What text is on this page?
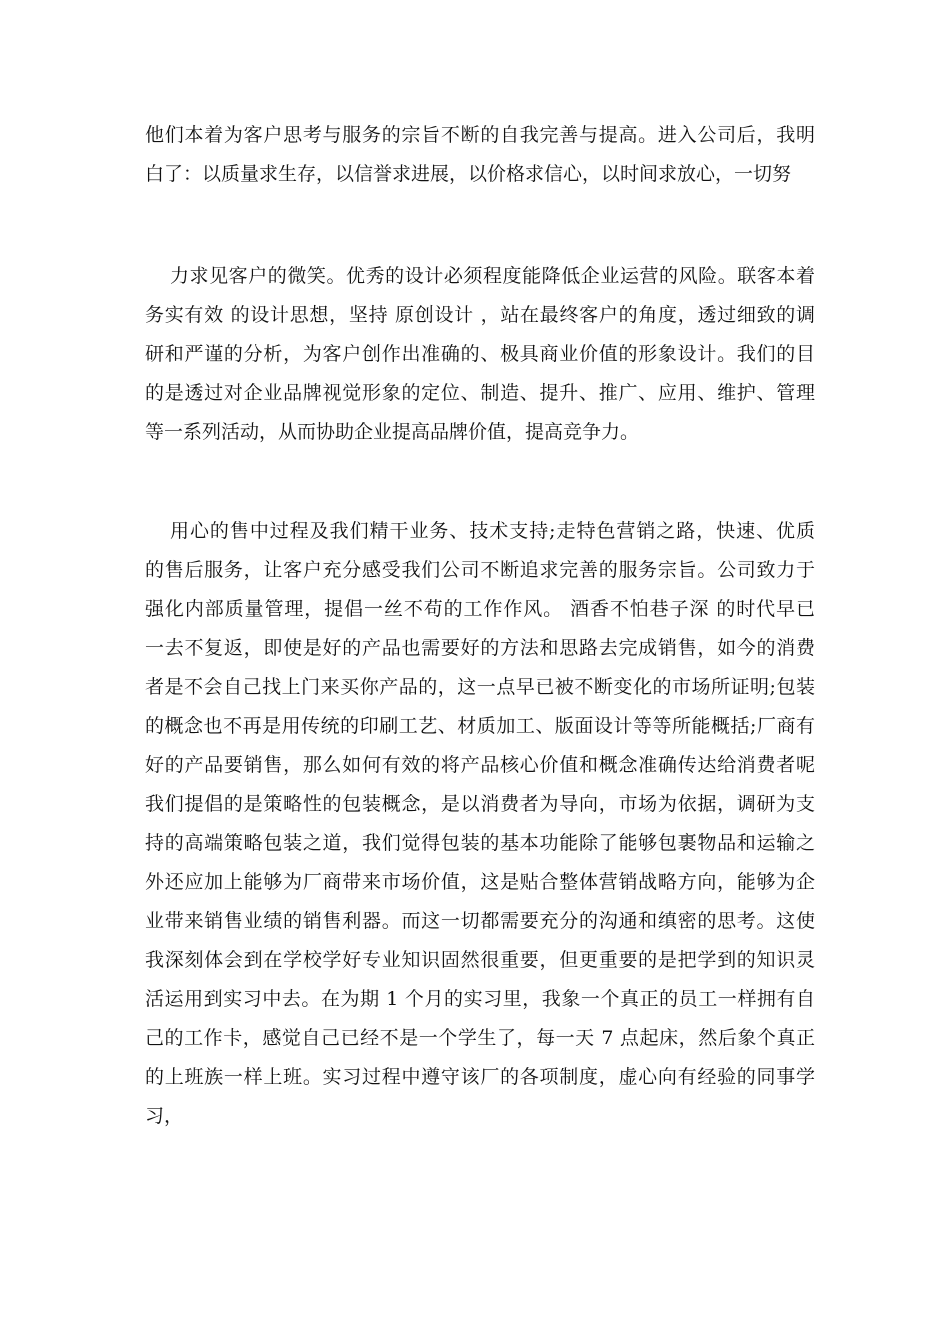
他们本着为客户思考与服务的宗旨不断的自我完善与提高。进入公司后，我明

白了：以质量求生存，以信誉求进展，以价格求信心，以时间求放心，一切努

力求见客户的微笑。优秀的设计必须程度能降低企业运营的风险。联客本着

务实有效 的设计思想，坚持 原创设计 ，站在最终客户的角度，透过细致的调

研和严谨的分析，为客户创作出准确的、极具商业价值的形象设计。我们的目

的是透过对企业品牌视觉形象的定位、制造、提升、推广、应用、维护、管理

等一系列活动，从而协助企业提高品牌价值，提高竞争力。

用心的售中过程及我们精干业务、技术支持;走特色营销之路，快速、优质

的售后服务，让客户充分感受我们公司不断追求完善的服务宗旨。公司致力于

强化内部质量管理，提倡一丝不苟的工作作风。 酒香不怕巷子深 的时代早已

一去不复返，即使是好的产品也需要好的方法和思路去完成销售，如今的消费

者是不会自己找上门来买你产品的，这一点早已被不断变化的市场所证明;包装

的概念也不再是用传统的印刷工艺、材质加工、版面设计等等所能概括;厂商有

好的产品要销售，那么如何有效的将产品核心价值和概念准确传达给消费者呢

我们提倡的是策略性的包装概念，是以消费者为导向，市场为依据，调研为支

持的高端策略包装之道，我们觉得包装的基本功能除了能够包裹物品和运输之

外还应加上能够为厂商带来市场价值，这是贴合整体营销战略方向，能够为企

业带来销售业绩的销售利器。而这一切都需要充分的沟通和缜密的思考。这使

我深刻体会到在学校学好专业知识固然很重要，但更重要的是把学到的知识灵

活运用到实习中去。在为期 1 个月的实习里，我象一个真正的员工一样拥有自

己的工作卡，感觉自己已经不是一个学生了，每一天 7 点起床，然后象个真正

的上班族一样上班。实习过程中遵守该厂的各项制度，虚心向有经验的同事学

习，
